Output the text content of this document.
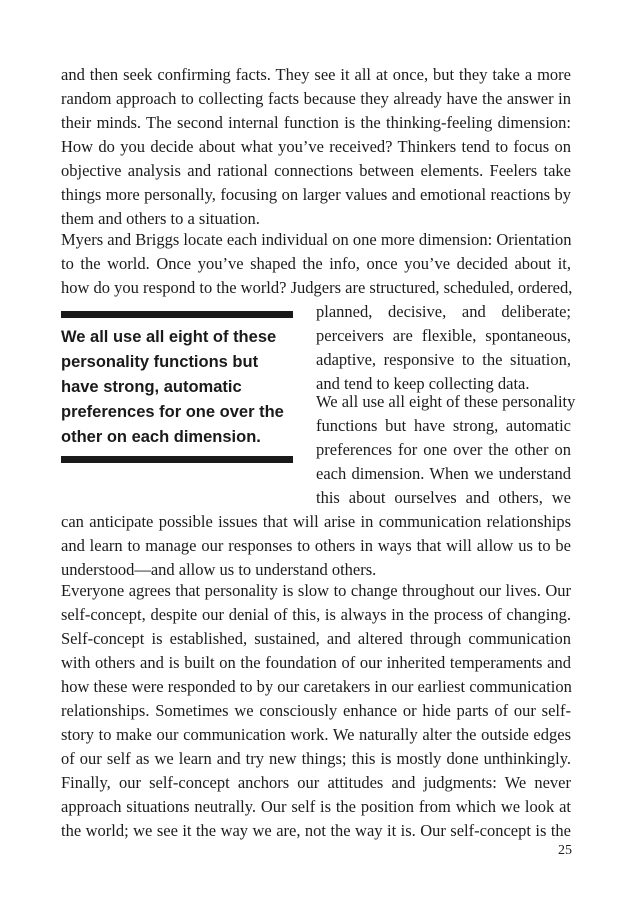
and then seek confirming facts. They see it all at once, but they take a more
random approach to collecting facts because they already have the answer in
their minds. The second internal function is the thinking-feeling dimension:
How do you decide about what you’ve received? Thinkers tend to focus on
objective analysis and rational connections between elements. Feelers take
things more personally, focusing on larger values and emotional reactions by
them and others to a situation.
Myers and Briggs locate each individual on one more dimension: Orientation
to the world. Once you’ve shaped the info, once you’ve decided about it,
how do you respond to the world? Judgers are structured, scheduled, ordered,
planned, decisive, and deliberate;
perceivers are flexible, spontaneous,
adaptive, responsive to the situation,
and tend to keep collecting data.
We all use all eight of these
personality functions but
have strong, automatic
preferences for one over the
other on each dimension.
We all use all eight of these personality
functions but have strong, automatic
preferences for one over the other on
each dimension. When we understand
this about ourselves and others, we
can anticipate possible issues that will arise in communication relationships
and learn to manage our responses to others in ways that will allow us to be
understood—and allow us to understand others.
Everyone agrees that personality is slow to change throughout our lives. Our
self-concept, despite our denial of this, is always in the process of changing.
Self-concept is established, sustained, and altered through communication
with others and is built on the foundation of our inherited temperaments and
how these were responded to by our caretakers in our earliest communication
relationships. Sometimes we consciously enhance or hide parts of our self-
story to make our communication work. We naturally alter the outside edges
of our self as we learn and try new things; this is mostly done unthinkingly.
Finally, our self-concept anchors our attitudes and judgments: We never
approach situations neutrally. Our self is the position from which we look at
the world; we see it the way we are, not the way it is. Our self-concept is the
25
